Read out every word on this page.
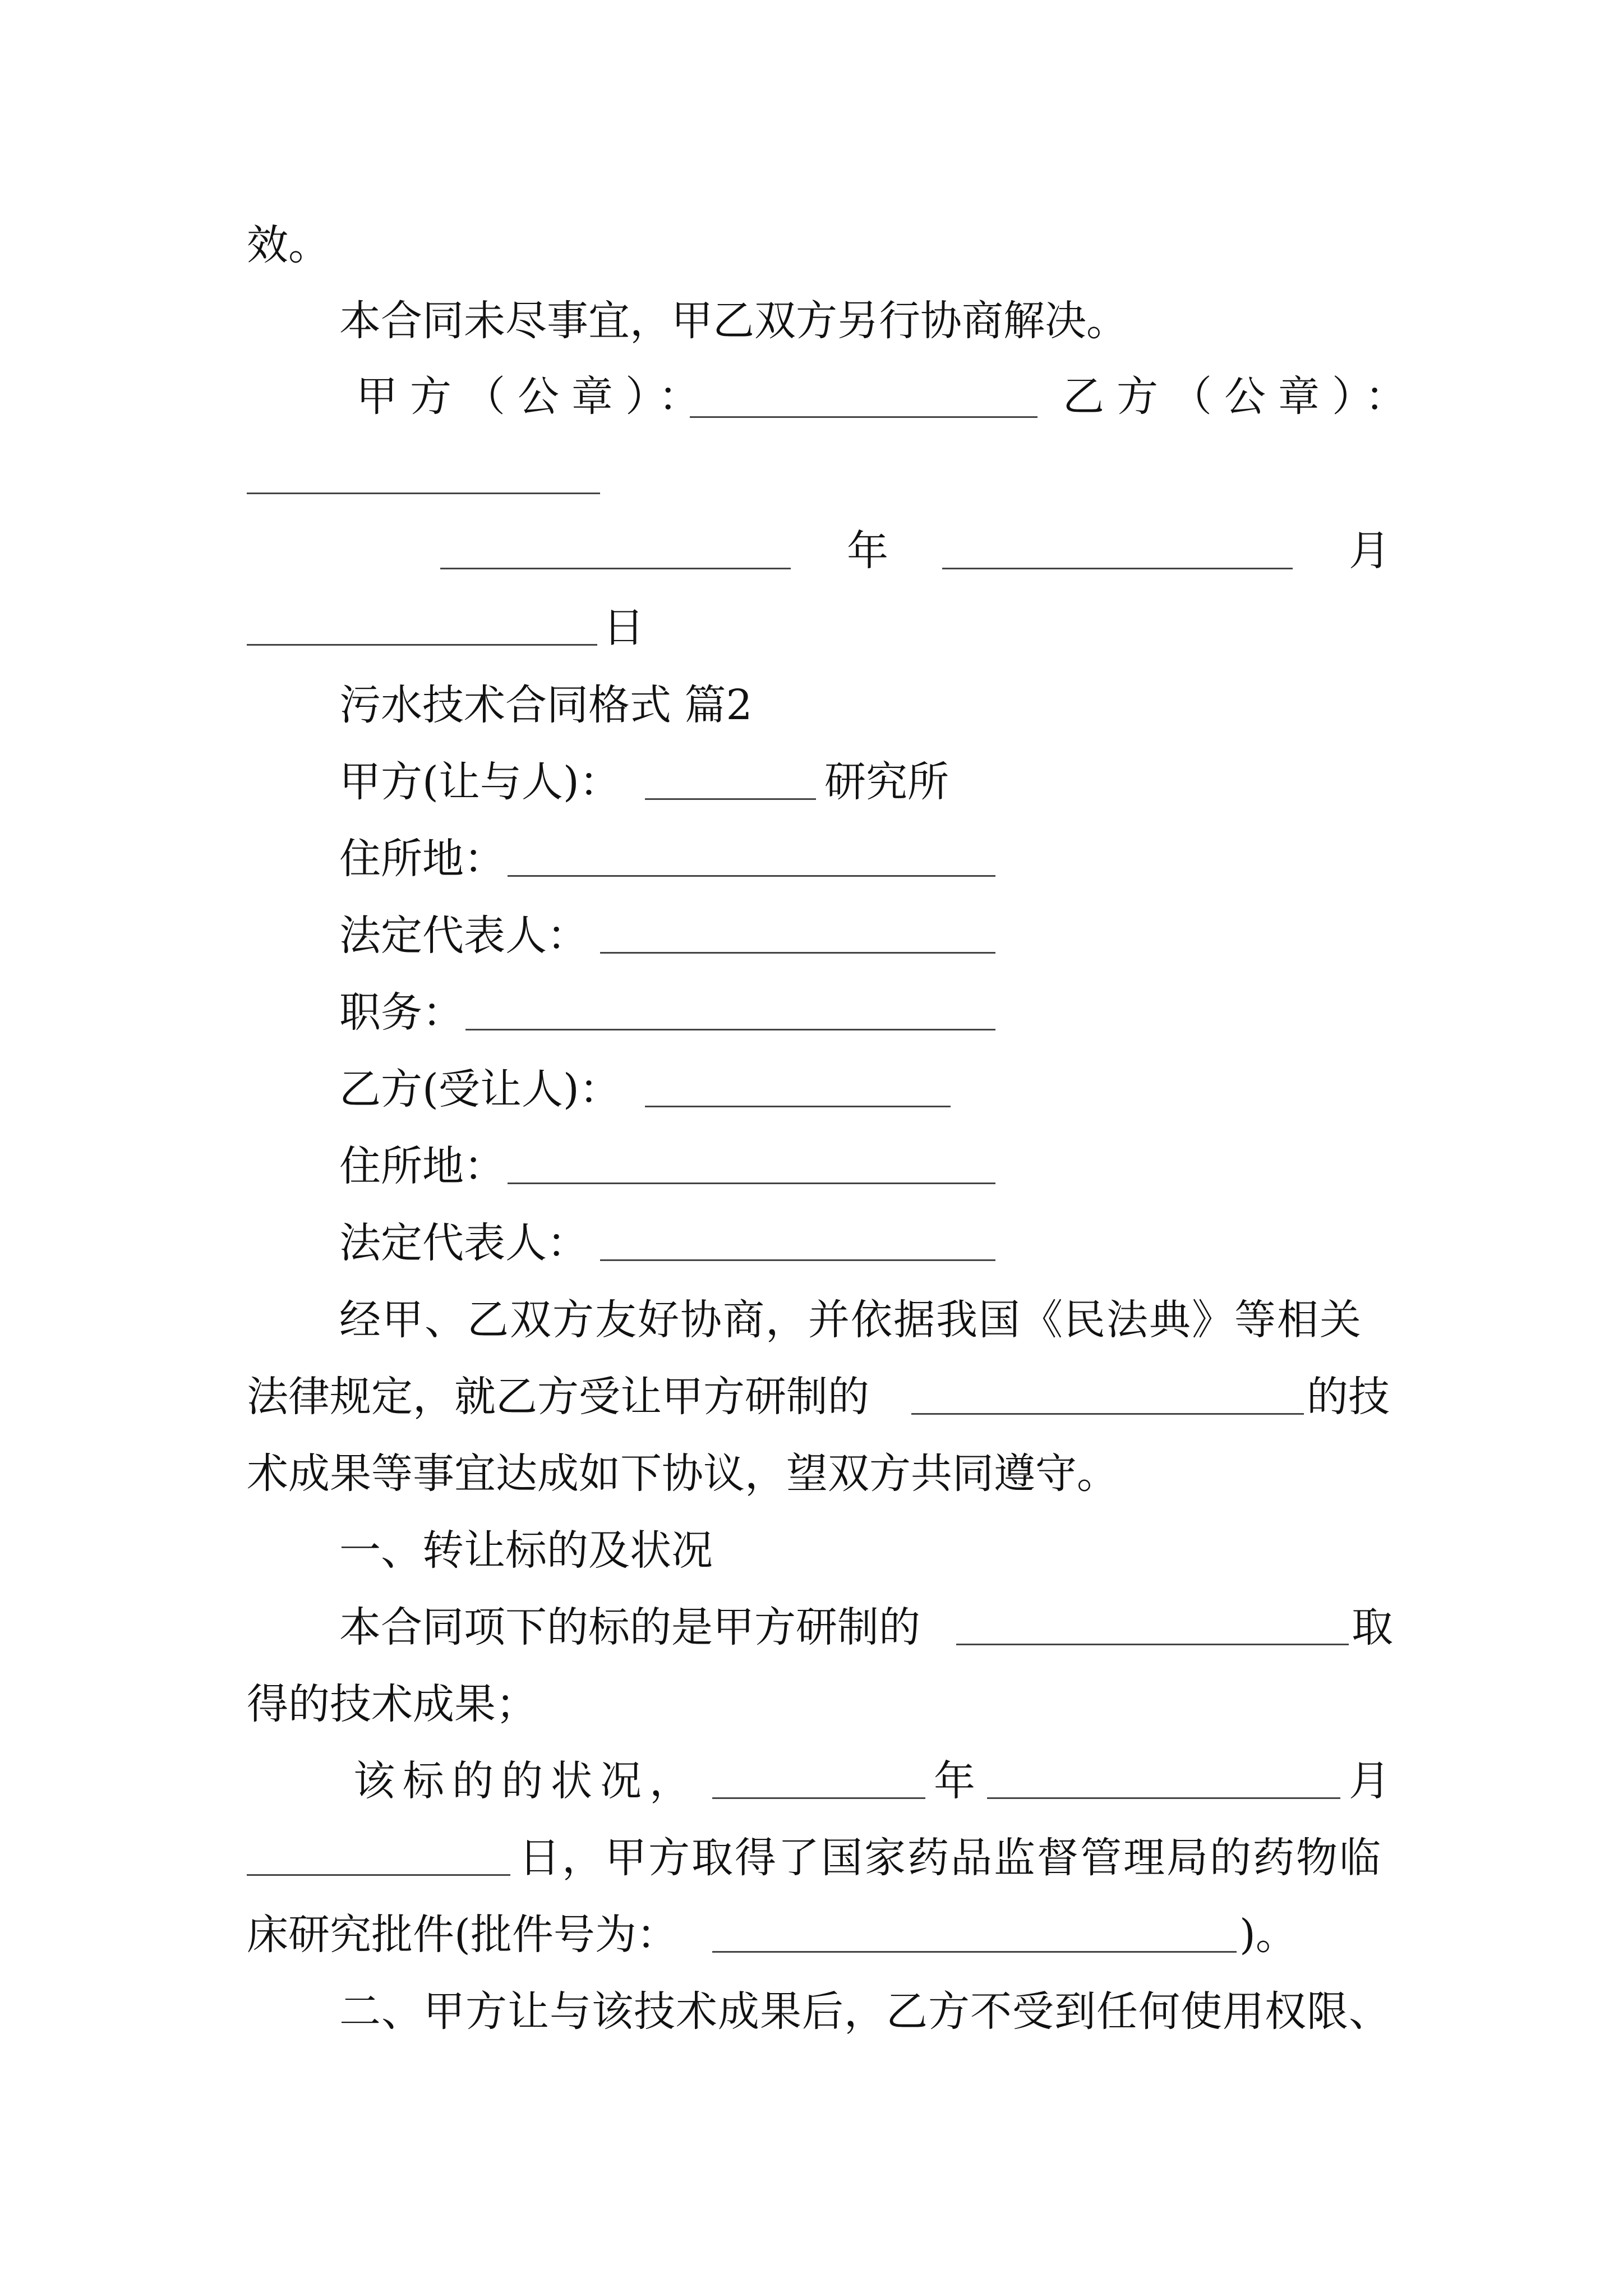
效。
本合同未尽事宜，甲乙双方另行协商解决。
甲方（公章）：	乙方（公章）：
年	月
日
污水技术合同格式 篇2
甲方(让与人)：	研究所
住所地：
法定代表人：
职务：
乙方(受让人)：
住所地：
法定代表人：
经甲、乙双方友好协商，并依据我国《民法典》等相关
法律规定，就乙方受让甲方研制的	的技
术成果等事宜达成如下协议，望双方共同遵守。
一、转让标的及状况
本合同项下的标的是甲方研制的	取
得的技术成果；
该标的的状况，	年	月
日，甲方取得了国家药品监督管理局的药物临
床研究批件(批件号为：	)。
二、甲方让与该技术成果后，乙方不受到任何使用权限、
